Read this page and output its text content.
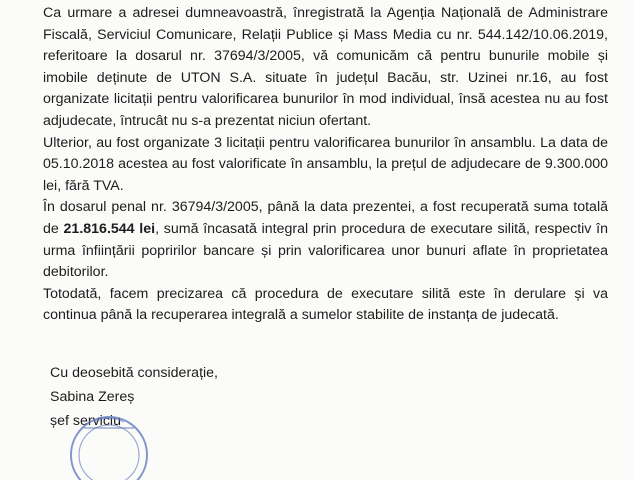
Ca urmare a adresei dumneavoastră, înregistrată la Agenția Națională de Administrare Fiscală, Serviciul Comunicare, Relații Publice și Mass Media cu nr. 544.142/10.06.2019, referitoare la dosarul nr. 37694/3/2005, vă comunicăm că pentru bunurile mobile și imobile deținute de UTON S.A. situate în județul Bacău, str. Uzinei nr.16, au fost organizate licitații pentru valorificarea bunurilor în mod individual, însă acestea nu au fost adjudecate, întrucât nu s-a prezentat niciun ofertant.

Ulterior, au fost organizate 3 licitații pentru valorificarea bunurilor în ansamblu. La data de 05.10.2018 acestea au fost valorificate în ansamblu, la prețul de adjudecare de 9.300.000 lei, fără TVA.

În dosarul penal nr. 36794/3/2005, până la data prezentei, a fost recuperată suma totală de 21.816.544 lei, sumă încasată integral prin procedura de executare silită, respectiv în urma înființării popririlor bancare și prin valorificarea unor bunuri aflate în proprietatea debitorilor.

Totodată, facem precizarea că procedura de executare silită este în derulare și va continua până la recuperarea integrală a sumelor stabilite de instanța de judecată.

Cu deosebită considerație,
Sabina Zereș
șef serviciu
